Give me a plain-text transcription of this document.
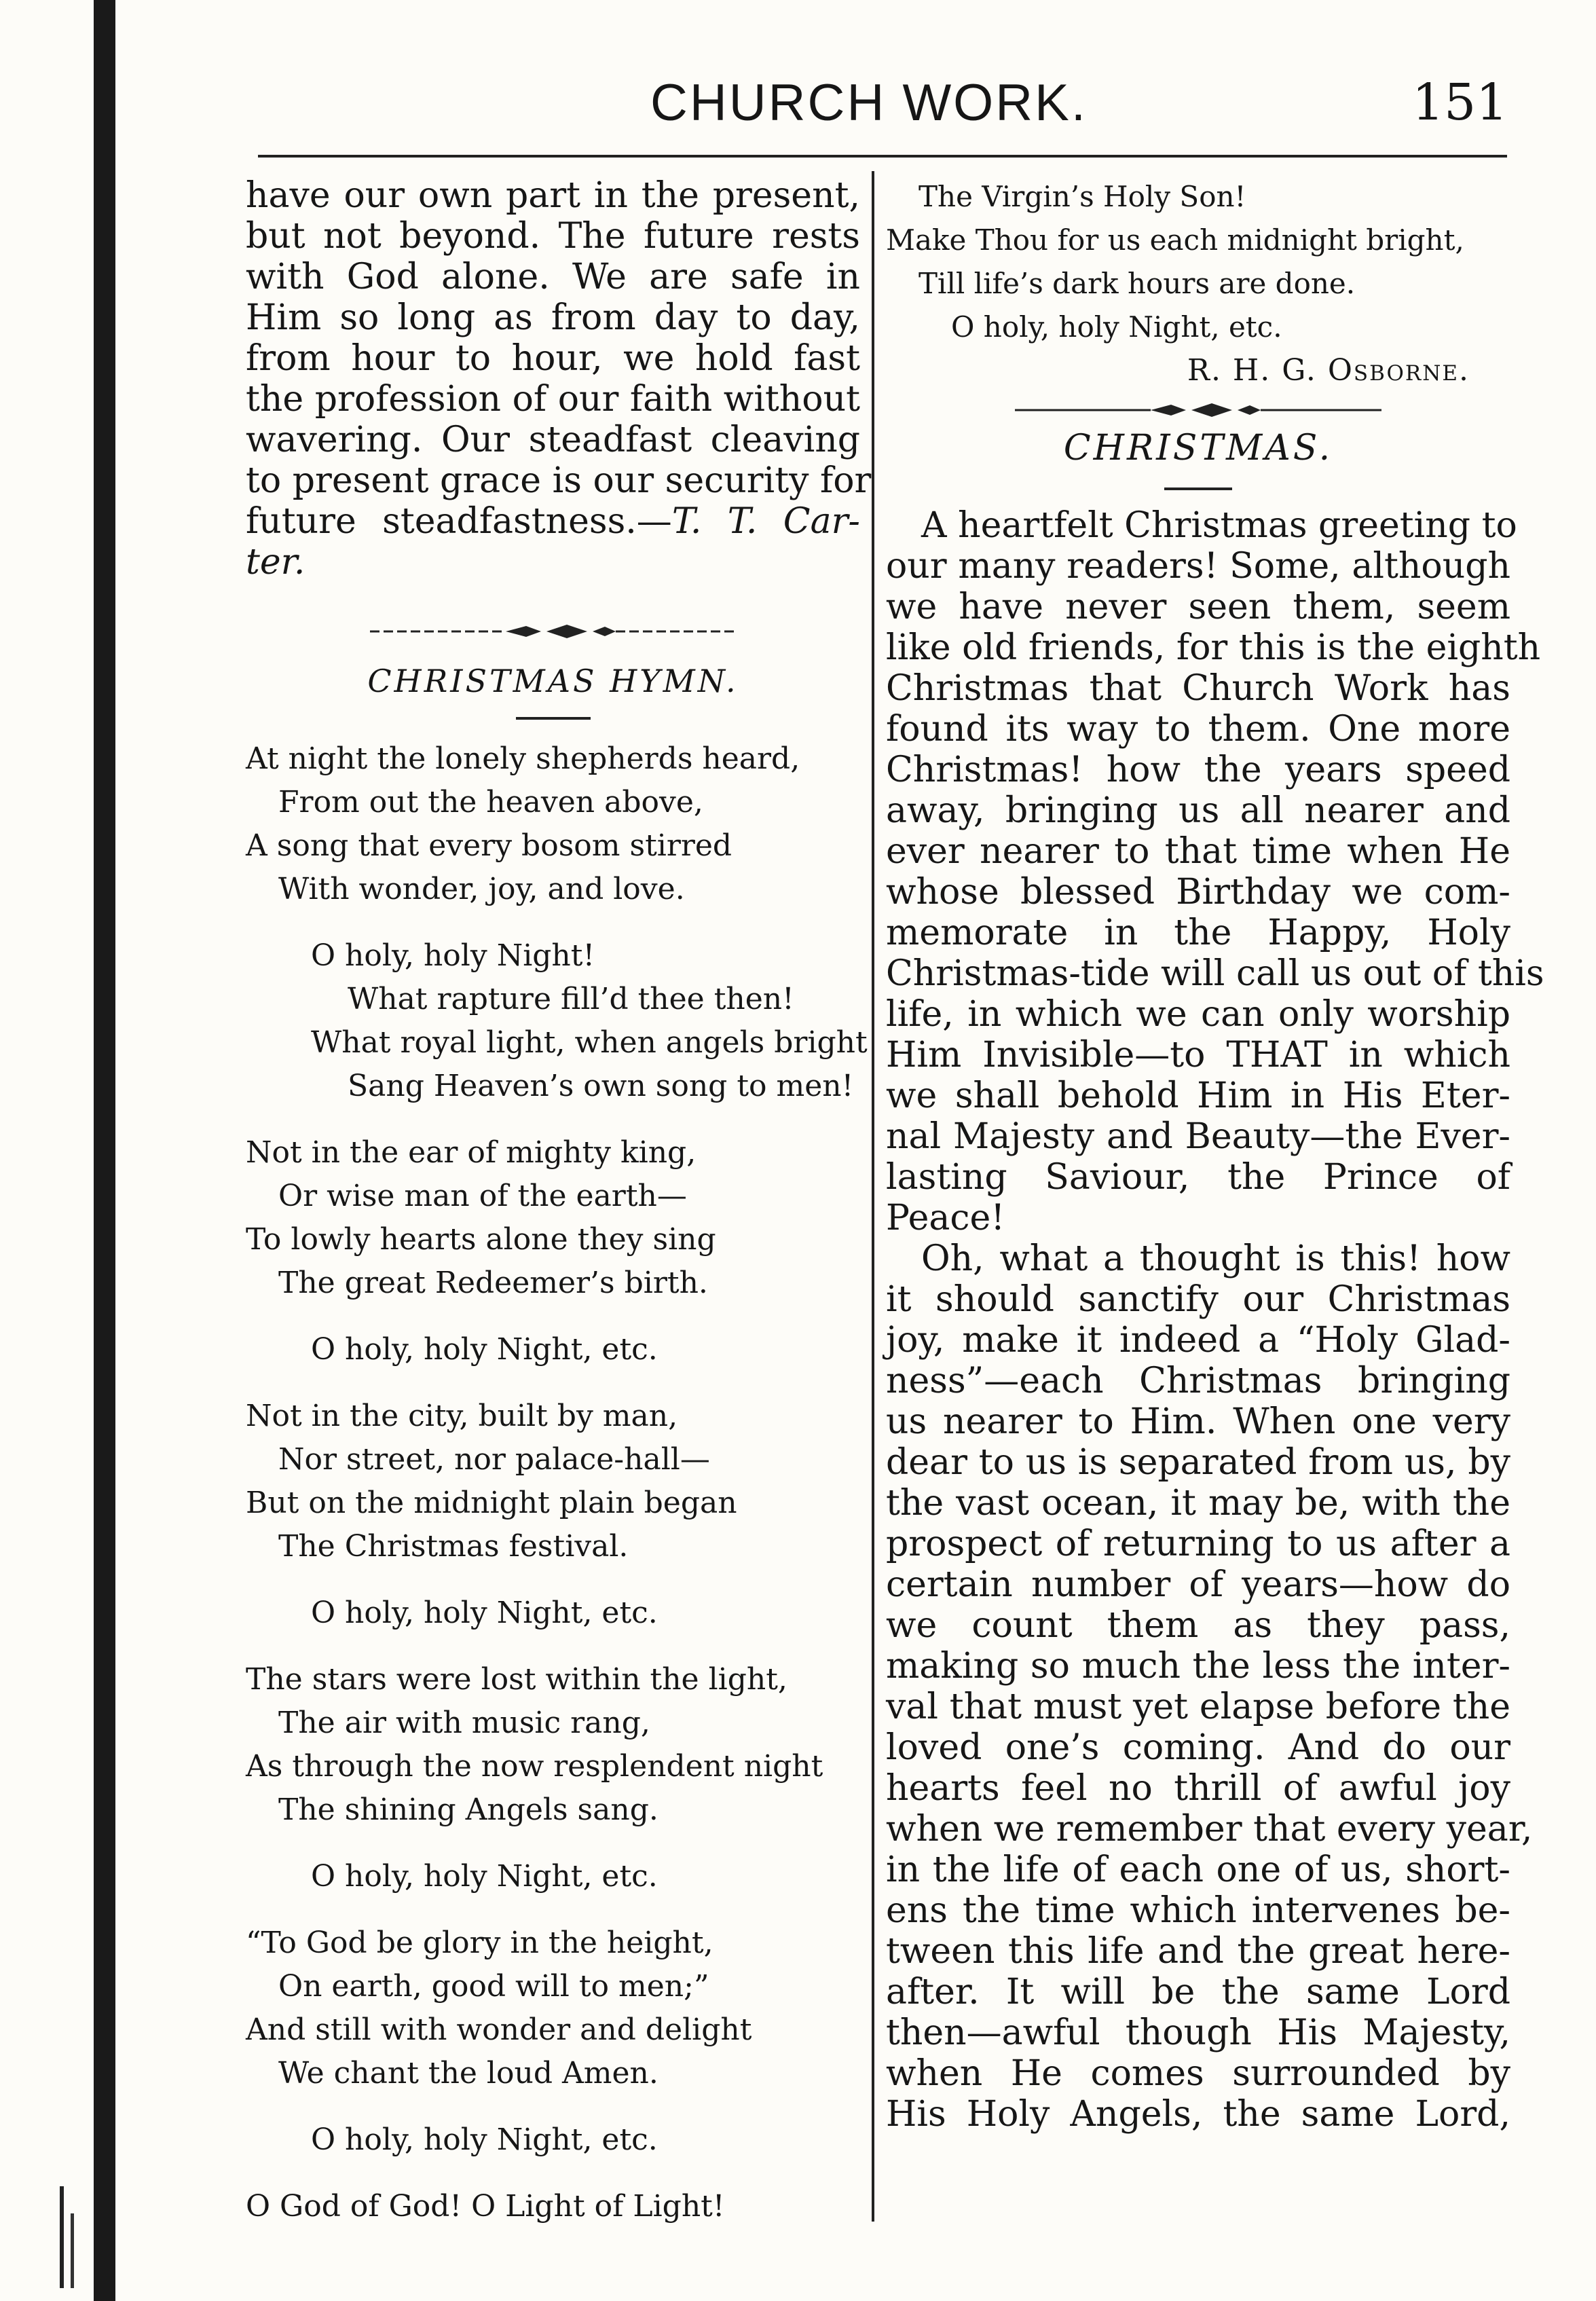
CHURCH WORK.	151

have our own part in the present,
but not beyond. The future rests
with God alone. We are safe in
Him so long as from day to day,
from hour to hour, we hold fast
the profession of our faith without
wavering. Our steadfast cleaving
to present grace is our security for
future steadfastness.—T. T. Car-
ter.

CHRISTMAS HYMN.
At night the lonely shepherds heard,
From out the heaven above,
A song that every bosom stirred
With wonder, joy, and love.
O holy, holy Night!
What rapture fill’d thee then!
What royal light, when angels bright
Sang Heaven’s own song to men!
Not in the ear of mighty king,
Or wise man of the earth—
To lowly hearts alone they sing
The great Redeemer’s birth.
O holy, holy Night, etc.
Not in the city, built by man,
Nor street, nor palace-hall—
But on the midnight plain began
The Christmas festival.
O holy, holy Night, etc.
The stars were lost within the light,
The air with music rang,
As through the now resplendent night
The shining Angels sang.
O holy, holy Night, etc.
“To God be glory in the height,
On earth, good will to men;”
And still with wonder and delight
We chant the loud Amen.
O holy, holy Night, etc.
O God of God! O Light of Light!
The Virgin’s Holy Son!
Make Thou for us each midnight bright,
Till life’s dark hours are done.
O holy, holy Night, etc.
R. H. G. Osborne.
CHRISTMAS.

A heartfelt Christmas greeting to
our many readers! Some, although
we have never seen them, seem
like old friends, for this is the eighth
Christmas that Church Work has
found its way to them. One more
Christmas! how the years speed
away, bringing us all nearer and
ever nearer to that time when He
whose blessed Birthday we com-
memorate in the Happy, Holy
Christmas-tide will call us out of this
life, in which we can only worship
Him Invisible—to THAT in which
we shall behold Him in His Eter-
nal Majesty and Beauty—the Ever-
lasting Saviour, the Prince of
Peace!

Oh, what a thought is this! how
it should sanctify our Christmas
joy, make it indeed a “Holy Glad-
ness”—each Christmas bringing
us nearer to Him. When one very
dear to us is separated from us, by
the vast ocean, it may be, with the
prospect of returning to us after a
certain number of years—how do
we count them as they pass,
making so much the less the inter-
val that must yet elapse before the
loved one’s coming. And do our
hearts feel no thrill of awful joy
when we remember that every year,
in the life of each one of us, short-
ens the time which intervenes be-
tween this life and the great here-
after. It will be the same Lord
then—awful though His Majesty,
when He comes surrounded by
His Holy Angels, the same Lord,
